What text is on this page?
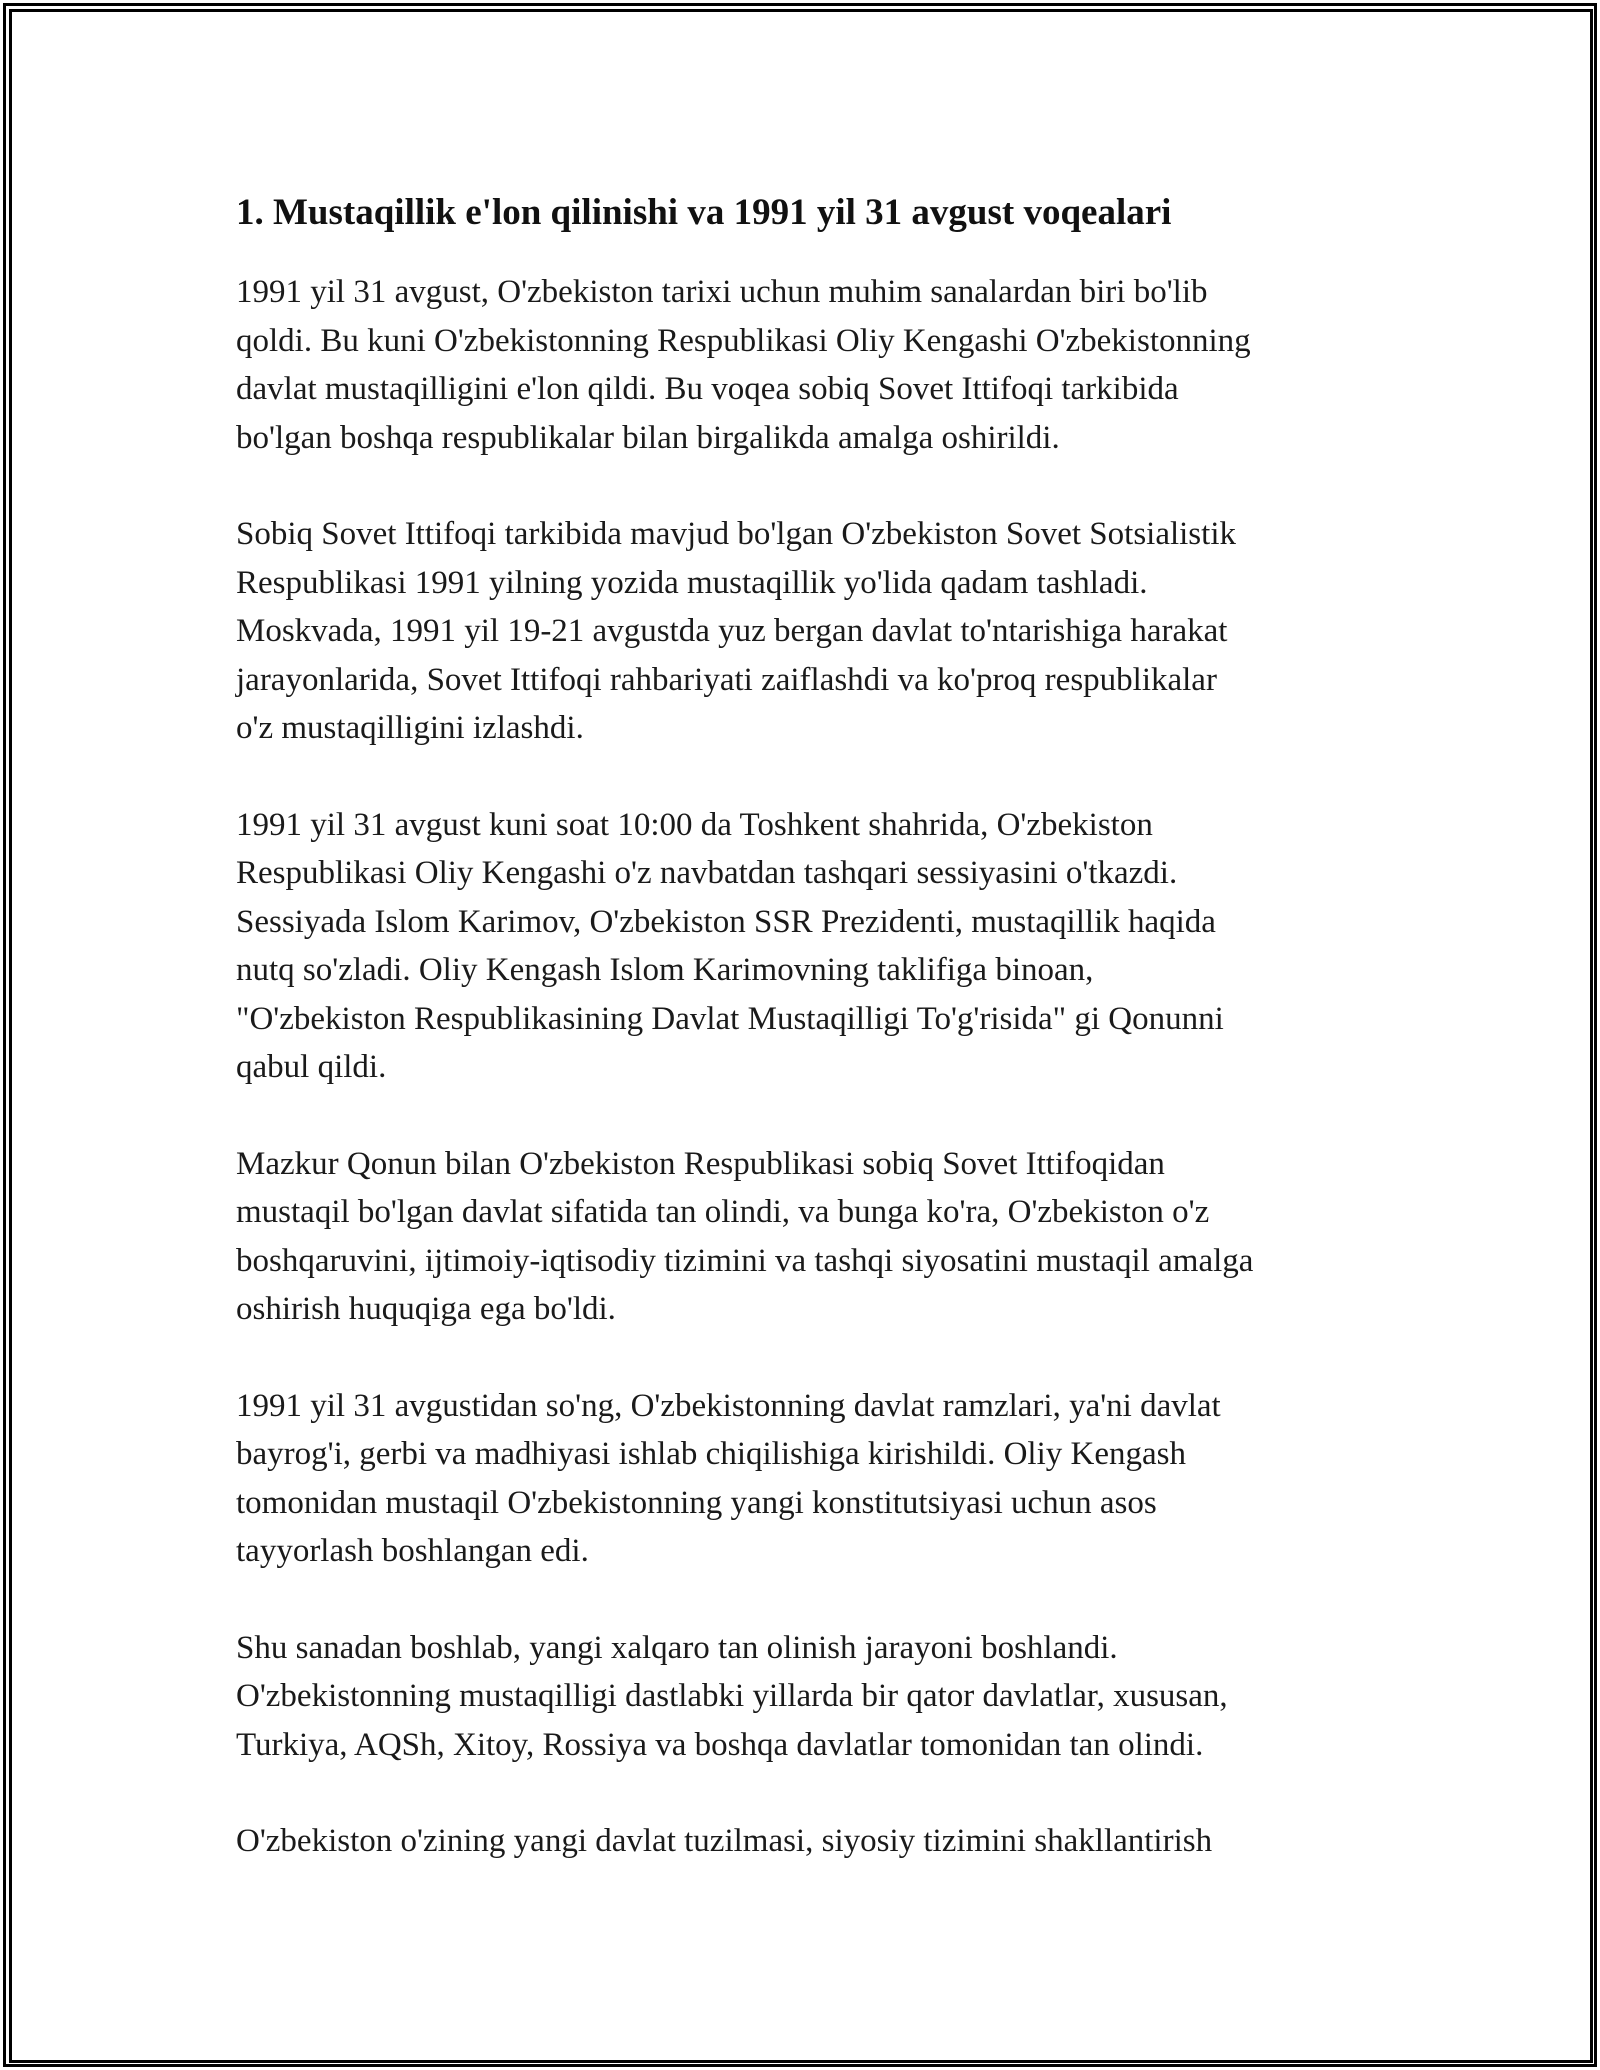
1. Mustaqillik e'lon qilinishi va 1991 yil 31 avgust voqealari

1991 yil 31 avgust, O'zbekiston tarixi uchun muhim sanalardan biri bo'lib
qoldi. Bu kuni O'zbekistonning Respublikasi Oliy Kengashi O'zbekistonning
davlat mustaqilligini e'lon qildi. Bu voqea sobiq Sovet Ittifoqi tarkibida
bo'lgan boshqa respublikalar bilan birgalikda amalga oshirildi.

Sobiq Sovet Ittifoqi tarkibida mavjud bo'lgan O'zbekiston Sovet Sotsialistik
Respublikasi 1991 yilning yozida mustaqillik yo'lida qadam tashladi.
Moskvada, 1991 yil 19-21 avgustda yuz bergan davlat to'ntarishiga harakat
jarayonlarida, Sovet Ittifoqi rahbariyati zaiflashdi va ko'proq respublikalar
o'z mustaqilligini izlashdi.

1991 yil 31 avgust kuni soat 10:00 da Toshkent shahrida, O'zbekiston
Respublikasi Oliy Kengashi o'z navbatdan tashqari sessiyasini o'tkazdi.
Sessiyada Islom Karimov, O'zbekiston SSR Prezidenti, mustaqillik haqida
nutq so'zladi. Oliy Kengash Islom Karimovning taklifiga binoan,
"O'zbekiston Respublikasining Davlat Mustaqilligi To'g'risida" gi Qonunni
qabul qildi.

Mazkur Qonun bilan O'zbekiston Respublikasi sobiq Sovet Ittifoqidan
mustaqil bo'lgan davlat sifatida tan olindi, va bunga ko'ra, O'zbekiston o'z
boshqaruvini, ijtimoiy-iqtisodiy tizimini va tashqi siyosatini mustaqil amalga
oshirish huquqiga ega bo'ldi.

1991 yil 31 avgustidan so'ng, O'zbekistonning davlat ramzlari, ya'ni davlat
bayrog'i, gerbi va madhiyasi ishlab chiqilishiga kirishildi. Oliy Kengash
tomonidan mustaqil O'zbekistonning yangi konstitutsiyasi uchun asos
tayyorlash boshlangan edi.

Shu sanadan boshlab, yangi xalqaro tan olinish jarayoni boshlandi.
O'zbekistonning mustaqilligi dastlabki yillarda bir qator davlatlar, xususan,
Turkiya, AQSh, Xitoy, Rossiya va boshqa davlatlar tomonidan tan olindi.

O'zbekiston o'zining yangi davlat tuzilmasi, siyosiy tizimini shakllantirish
